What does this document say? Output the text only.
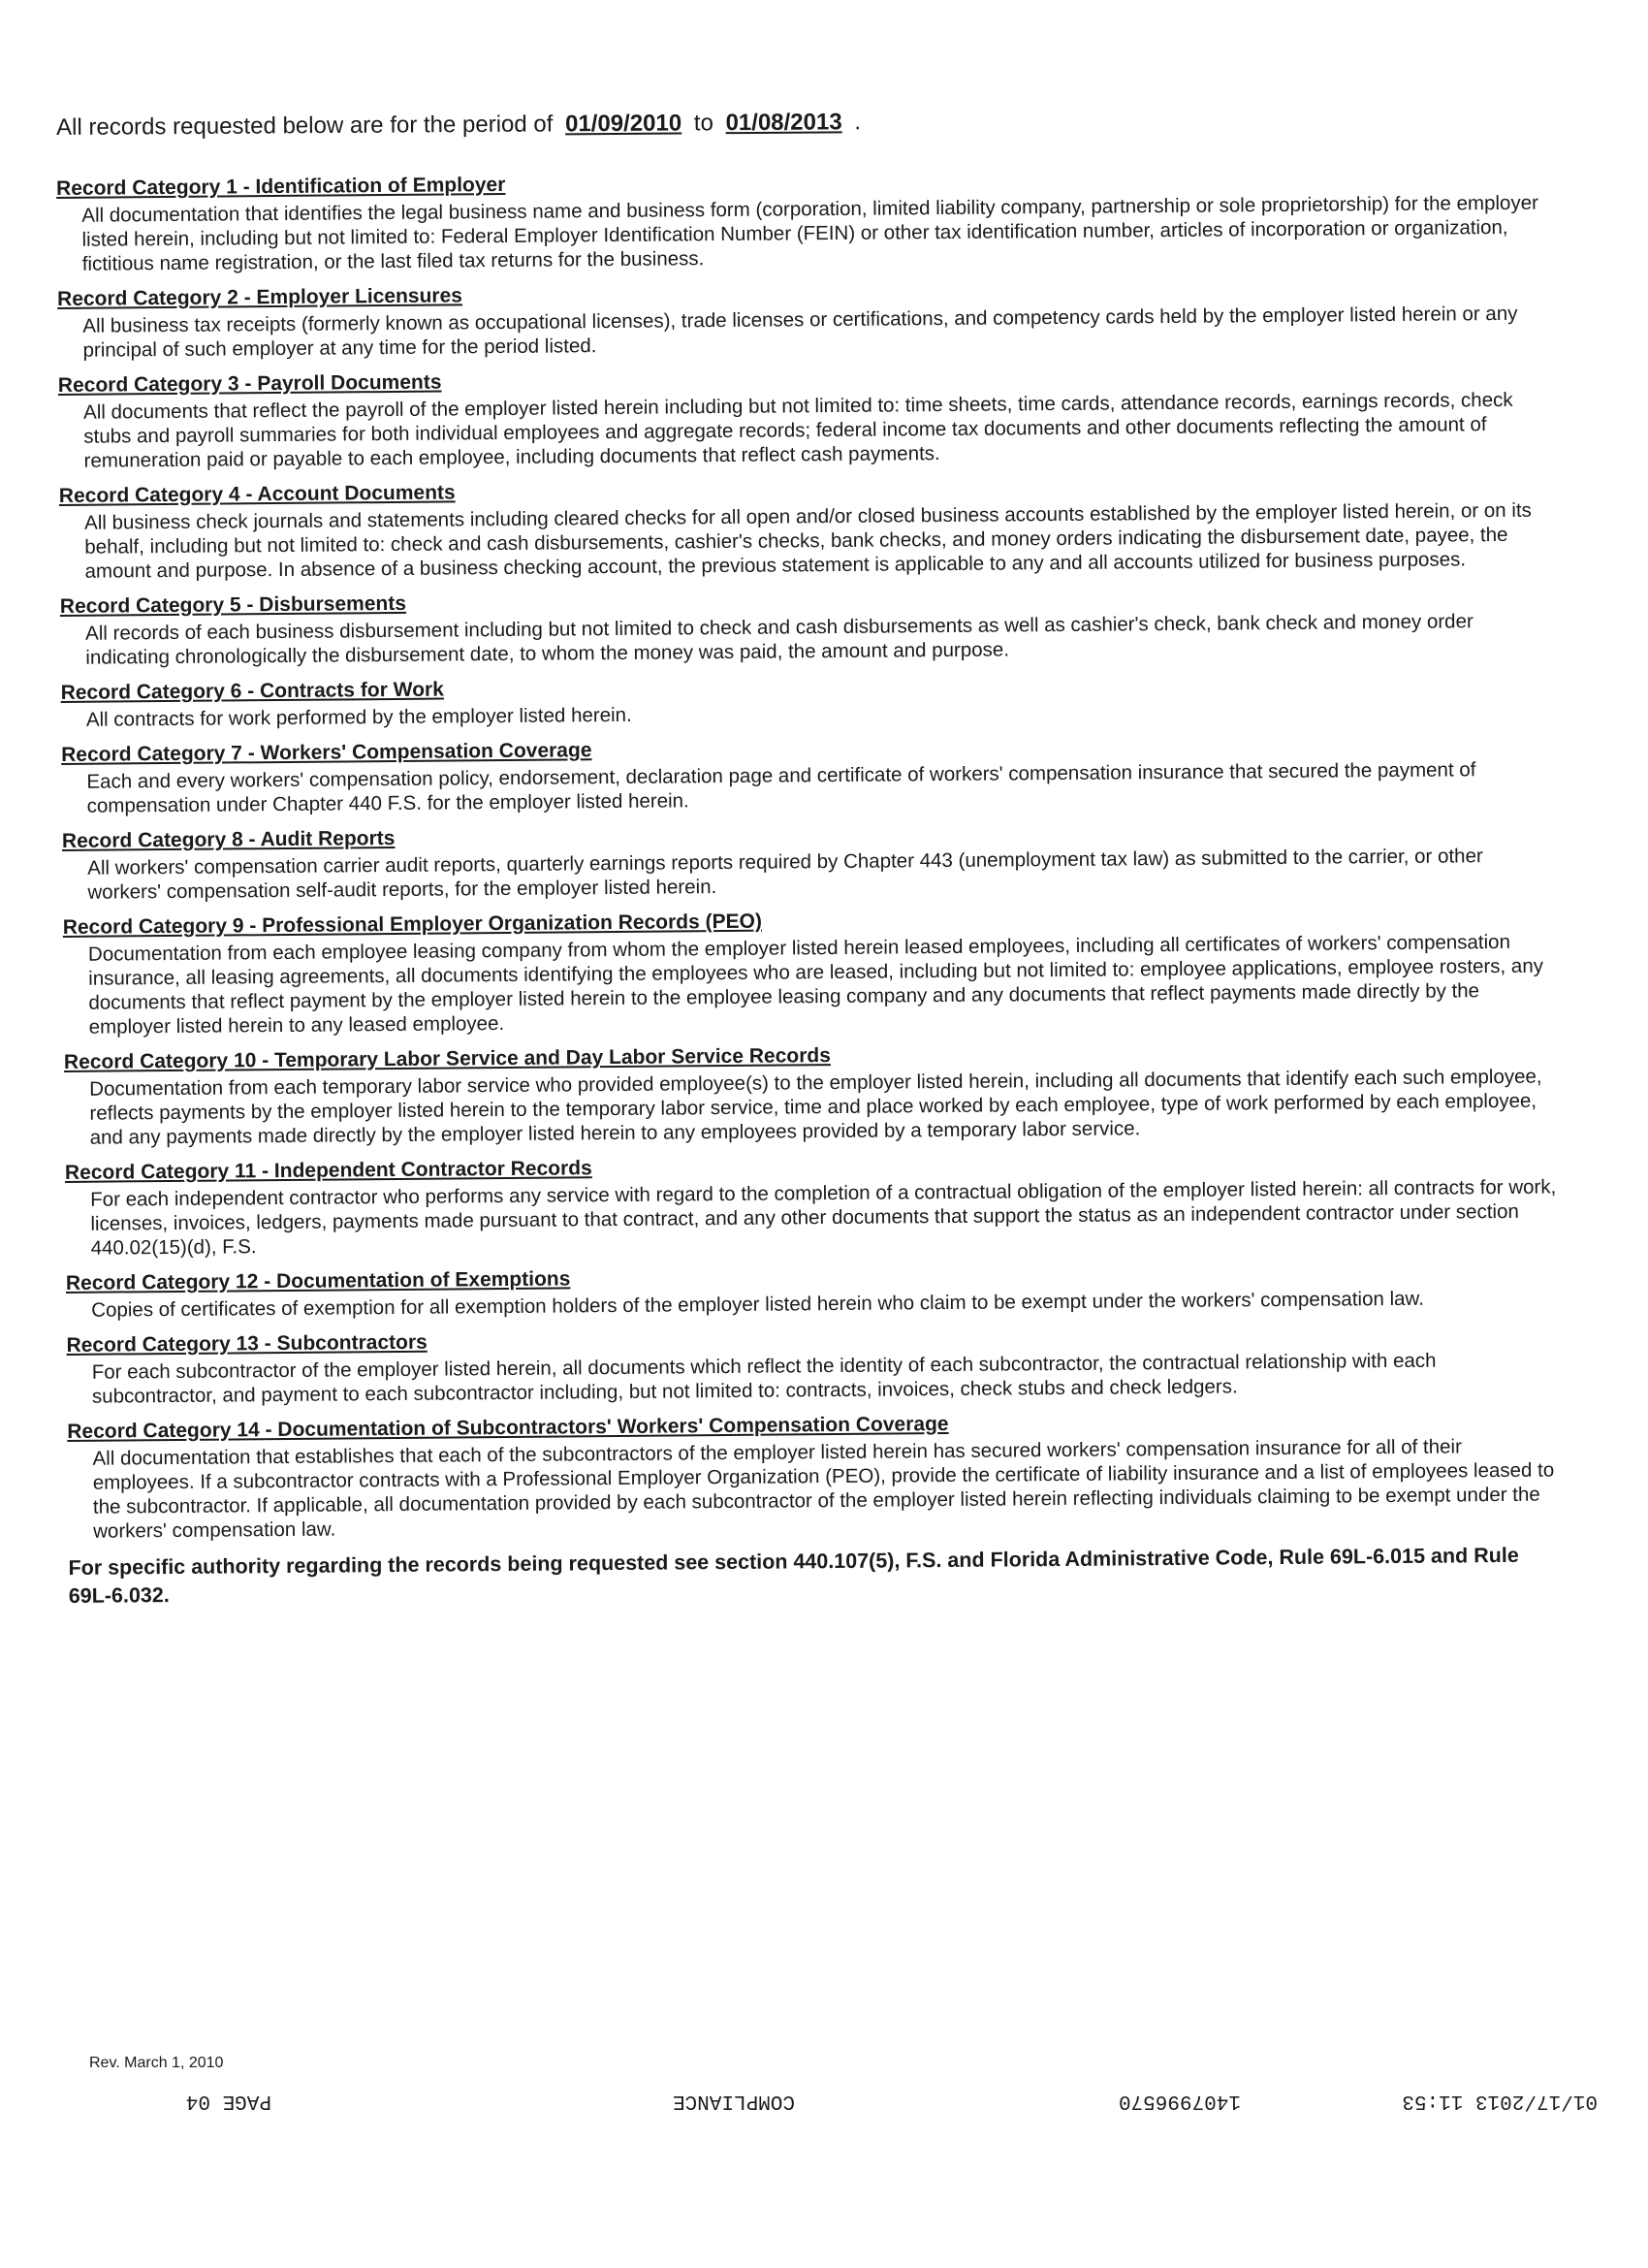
All records requested below are for the period of 01/09/2010 to 01/08/2013 .

Record Category 1 - Identification of Employer

All documentation that identifies the legal business name and business form (corporation, limited liability company, partnership or sole proprietorship) for the employer listed herein, including but not limited to: Federal Employer Identification Number (FEIN) or other tax identification number, articles of incorporation or organization, fictitious name registration, or the last filed tax returns for the business.

Record Category 2 - Employer Licensures

All business tax receipts (formerly known as occupational licenses), trade licenses or certifications, and competency cards held by the employer listed herein or any principal of such employer at any time for the period listed.

Record Category 3 - Payroll Documents

All documents that reflect the payroll of the employer listed herein including but not limited to: time sheets, time cards, attendance records, earnings records, check stubs and payroll summaries for both individual employees and aggregate records; federal income tax documents and other documents reflecting the amount of remuneration paid or payable to each employee, including documents that reflect cash payments.

Record Category 4 - Account Documents

All business check journals and statements including cleared checks for all open and/or closed business accounts established by the employer listed herein, or on its behalf, including but not limited to: check and cash disbursements, cashier's checks, bank checks, and money orders indicating the disbursement date, payee, the amount and purpose. In absence of a business checking account, the previous statement is applicable to any and all accounts utilized for business purposes.

Record Category 5 - Disbursements

All records of each business disbursement including but not limited to check and cash disbursements as well as cashier's check, bank check and money order indicating chronologically the disbursement date, to whom the money was paid, the amount and purpose.

Record Category 6 - Contracts for Work

All contracts for work performed by the employer listed herein.

Record Category 7 - Workers' Compensation Coverage

Each and every workers' compensation policy, endorsement, declaration page and certificate of workers' compensation insurance that secured the payment of compensation under Chapter 440 F.S. for the employer listed herein.

Record Category 8 - Audit Reports

All workers' compensation carrier audit reports, quarterly earnings reports required by Chapter 443 (unemployment tax law) as submitted to the carrier, or other workers' compensation self-audit reports, for the employer listed herein.

Record Category 9 - Professional Employer Organization Records (PEO)

Documentation from each employee leasing company from whom the employer listed herein leased employees, including all certificates of workers' compensation insurance, all leasing agreements, all documents identifying the employees who are leased, including but not limited to: employee applications, employee rosters, any documents that reflect payment by the employer listed herein to the employee leasing company and any documents that reflect payments made directly by the employer listed herein to any leased employee.

Record Category 10 - Temporary Labor Service and Day Labor Service Records

Documentation from each temporary labor service who provided employee(s) to the employer listed herein, including all documents that identify each such employee, reflects payments by the employer listed herein to the temporary labor service, time and place worked by each employee, type of work performed by each employee, and any payments made directly by the employer listed herein to any employees provided by a temporary labor service.

Record Category 11 - Independent Contractor Records

For each independent contractor who performs any service with regard to the completion of a contractual obligation of the employer listed herein: all contracts for work, licenses, invoices, ledgers, payments made pursuant to that contract, and any other documents that support the status as an independent contractor under section 440.02(15)(d), F.S.

Record Category 12 - Documentation of Exemptions

Copies of certificates of exemption for all exemption holders of the employer listed herein who claim to be exempt under the workers' compensation law.

Record Category 13 - Subcontractors

For each subcontractor of the employer listed herein, all documents which reflect the identity of each subcontractor, the contractual relationship with each subcontractor, and payment to each subcontractor including, but not limited to: contracts, invoices, check stubs and check ledgers.

Record Category 14 - Documentation of Subcontractors' Workers' Compensation Coverage

All documentation that establishes that each of the subcontractors of the employer listed herein has secured workers' compensation insurance for all of their employees. If a subcontractor contracts with a Professional Employer Organization (PEO), provide the certificate of liability insurance and a list of employees leased to the subcontractor. If applicable, all documentation provided by each subcontractor of the employer listed herein reflecting individuals claiming to be exempt under the workers' compensation law.

For specific authority regarding the records being requested see section 440.107(5), F.S. and Florida Administrative Code, Rule 69L-6.015 and Rule 69L-6.032.

Rev. March 1, 2010
01/17/2013 11:53
1407996570
COMPLIANCE
PAGE 04
